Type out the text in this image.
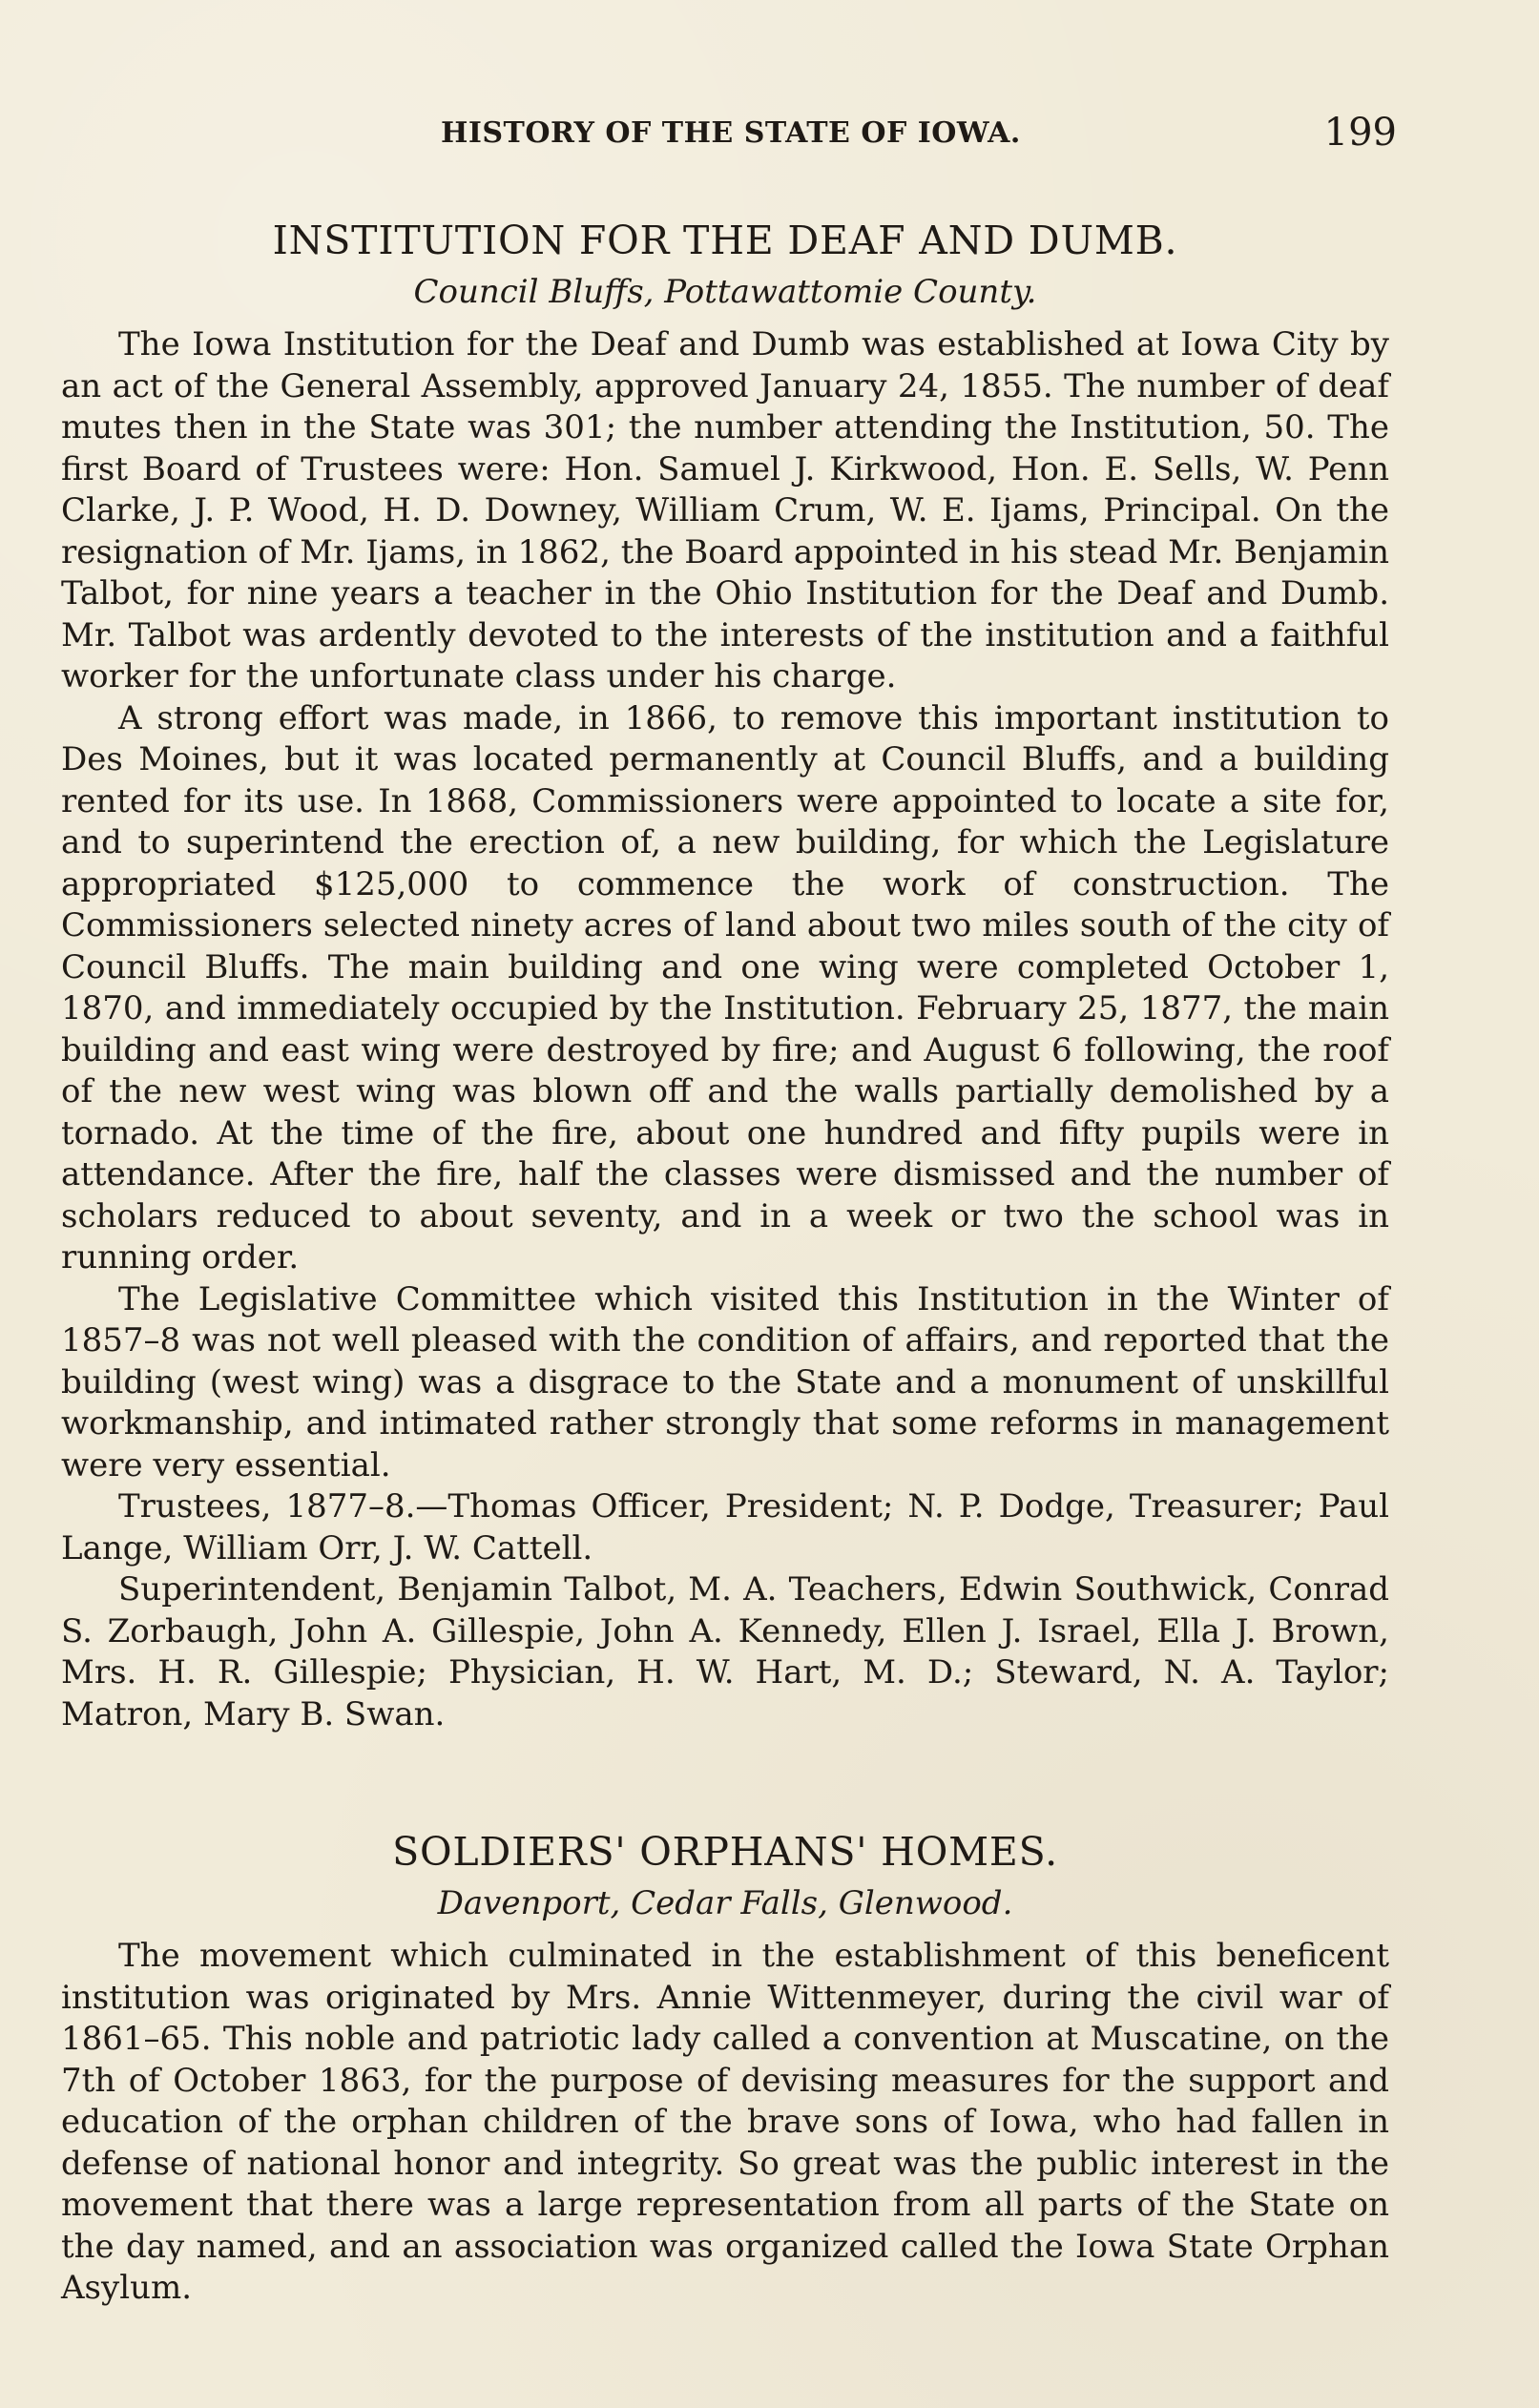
HISTORY OF THE STATE OF IOWA.	199
INSTITUTION FOR THE DEAF AND DUMB.
Council Bluffs, Pottawattomie County.

The Iowa Institution for the Deaf and Dumb was established at Iowa City by an act of the General Assembly, approved January 24, 1855. The number of deaf mutes then in the State was 301; the number attending the Institution, 50. The first Board of Trustees were: Hon. Samuel J. Kirkwood, Hon. E. Sells, W. Penn Clarke, J. P. Wood, H. D. Downey, William Crum, W. E. Ijams, Principal. On the resignation of Mr. Ijams, in 1862, the Board appointed in his stead Mr. Benjamin Talbot, for nine years a teacher in the Ohio Institution for the Deaf and Dumb. Mr. Talbot was ardently devoted to the interests of the institution and a faithful worker for the unfortunate class under his charge.

A strong effort was made, in 1866, to remove this important institution to Des Moines, but it was located permanently at Council Bluffs, and a building rented for its use. In 1868, Commissioners were appointed to locate a site for, and to superintend the erection of, a new building, for which the Legislature appropriated $125,000 to commence the work of construction. The Commissioners selected ninety acres of land about two miles south of the city of Council Bluffs. The main building and one wing were completed October 1, 1870, and immediately occupied by the Institution. February 25, 1877, the main building and east wing were destroyed by fire; and August 6 following, the roof of the new west wing was blown off and the walls partially demolished by a tornado. At the time of the fire, about one hundred and fifty pupils were in attendance. After the fire, half the classes were dismissed and the number of scholars reduced to about seventy, and in a week or two the school was in running order.

The Legislative Committee which visited this Institution in the Winter of 1857–8 was not well pleased with the condition of affairs, and reported that the building (west wing) was a disgrace to the State and a monument of unskillful workmanship, and intimated rather strongly that some reforms in management were very essential.

Trustees, 1877–8.—Thomas Officer, President; N. P. Dodge, Treasurer; Paul Lange, William Orr, J. W. Cattell.

Superintendent, Benjamin Talbot, M. A. Teachers, Edwin Southwick, Conrad S. Zorbaugh, John A. Gillespie, John A. Kennedy, Ellen J. Israel, Ella J. Brown, Mrs. H. R. Gillespie; Physician, H. W. Hart, M. D.; Steward, N. A. Taylor; Matron, Mary B. Swan.

SOLDIERS' ORPHANS' HOMES.
Davenport, Cedar Falls, Glenwood.

The movement which culminated in the establishment of this beneficent institution was originated by Mrs. Annie Wittenmeyer, during the civil war of 1861–65. This noble and patriotic lady called a convention at Muscatine, on the 7th of October 1863, for the purpose of devising measures for the support and education of the orphan children of the brave sons of Iowa, who had fallen in defense of national honor and integrity. So great was the public interest in the movement that there was a large representation from all parts of the State on the day named, and an association was organized called the Iowa State Orphan Asylum.
